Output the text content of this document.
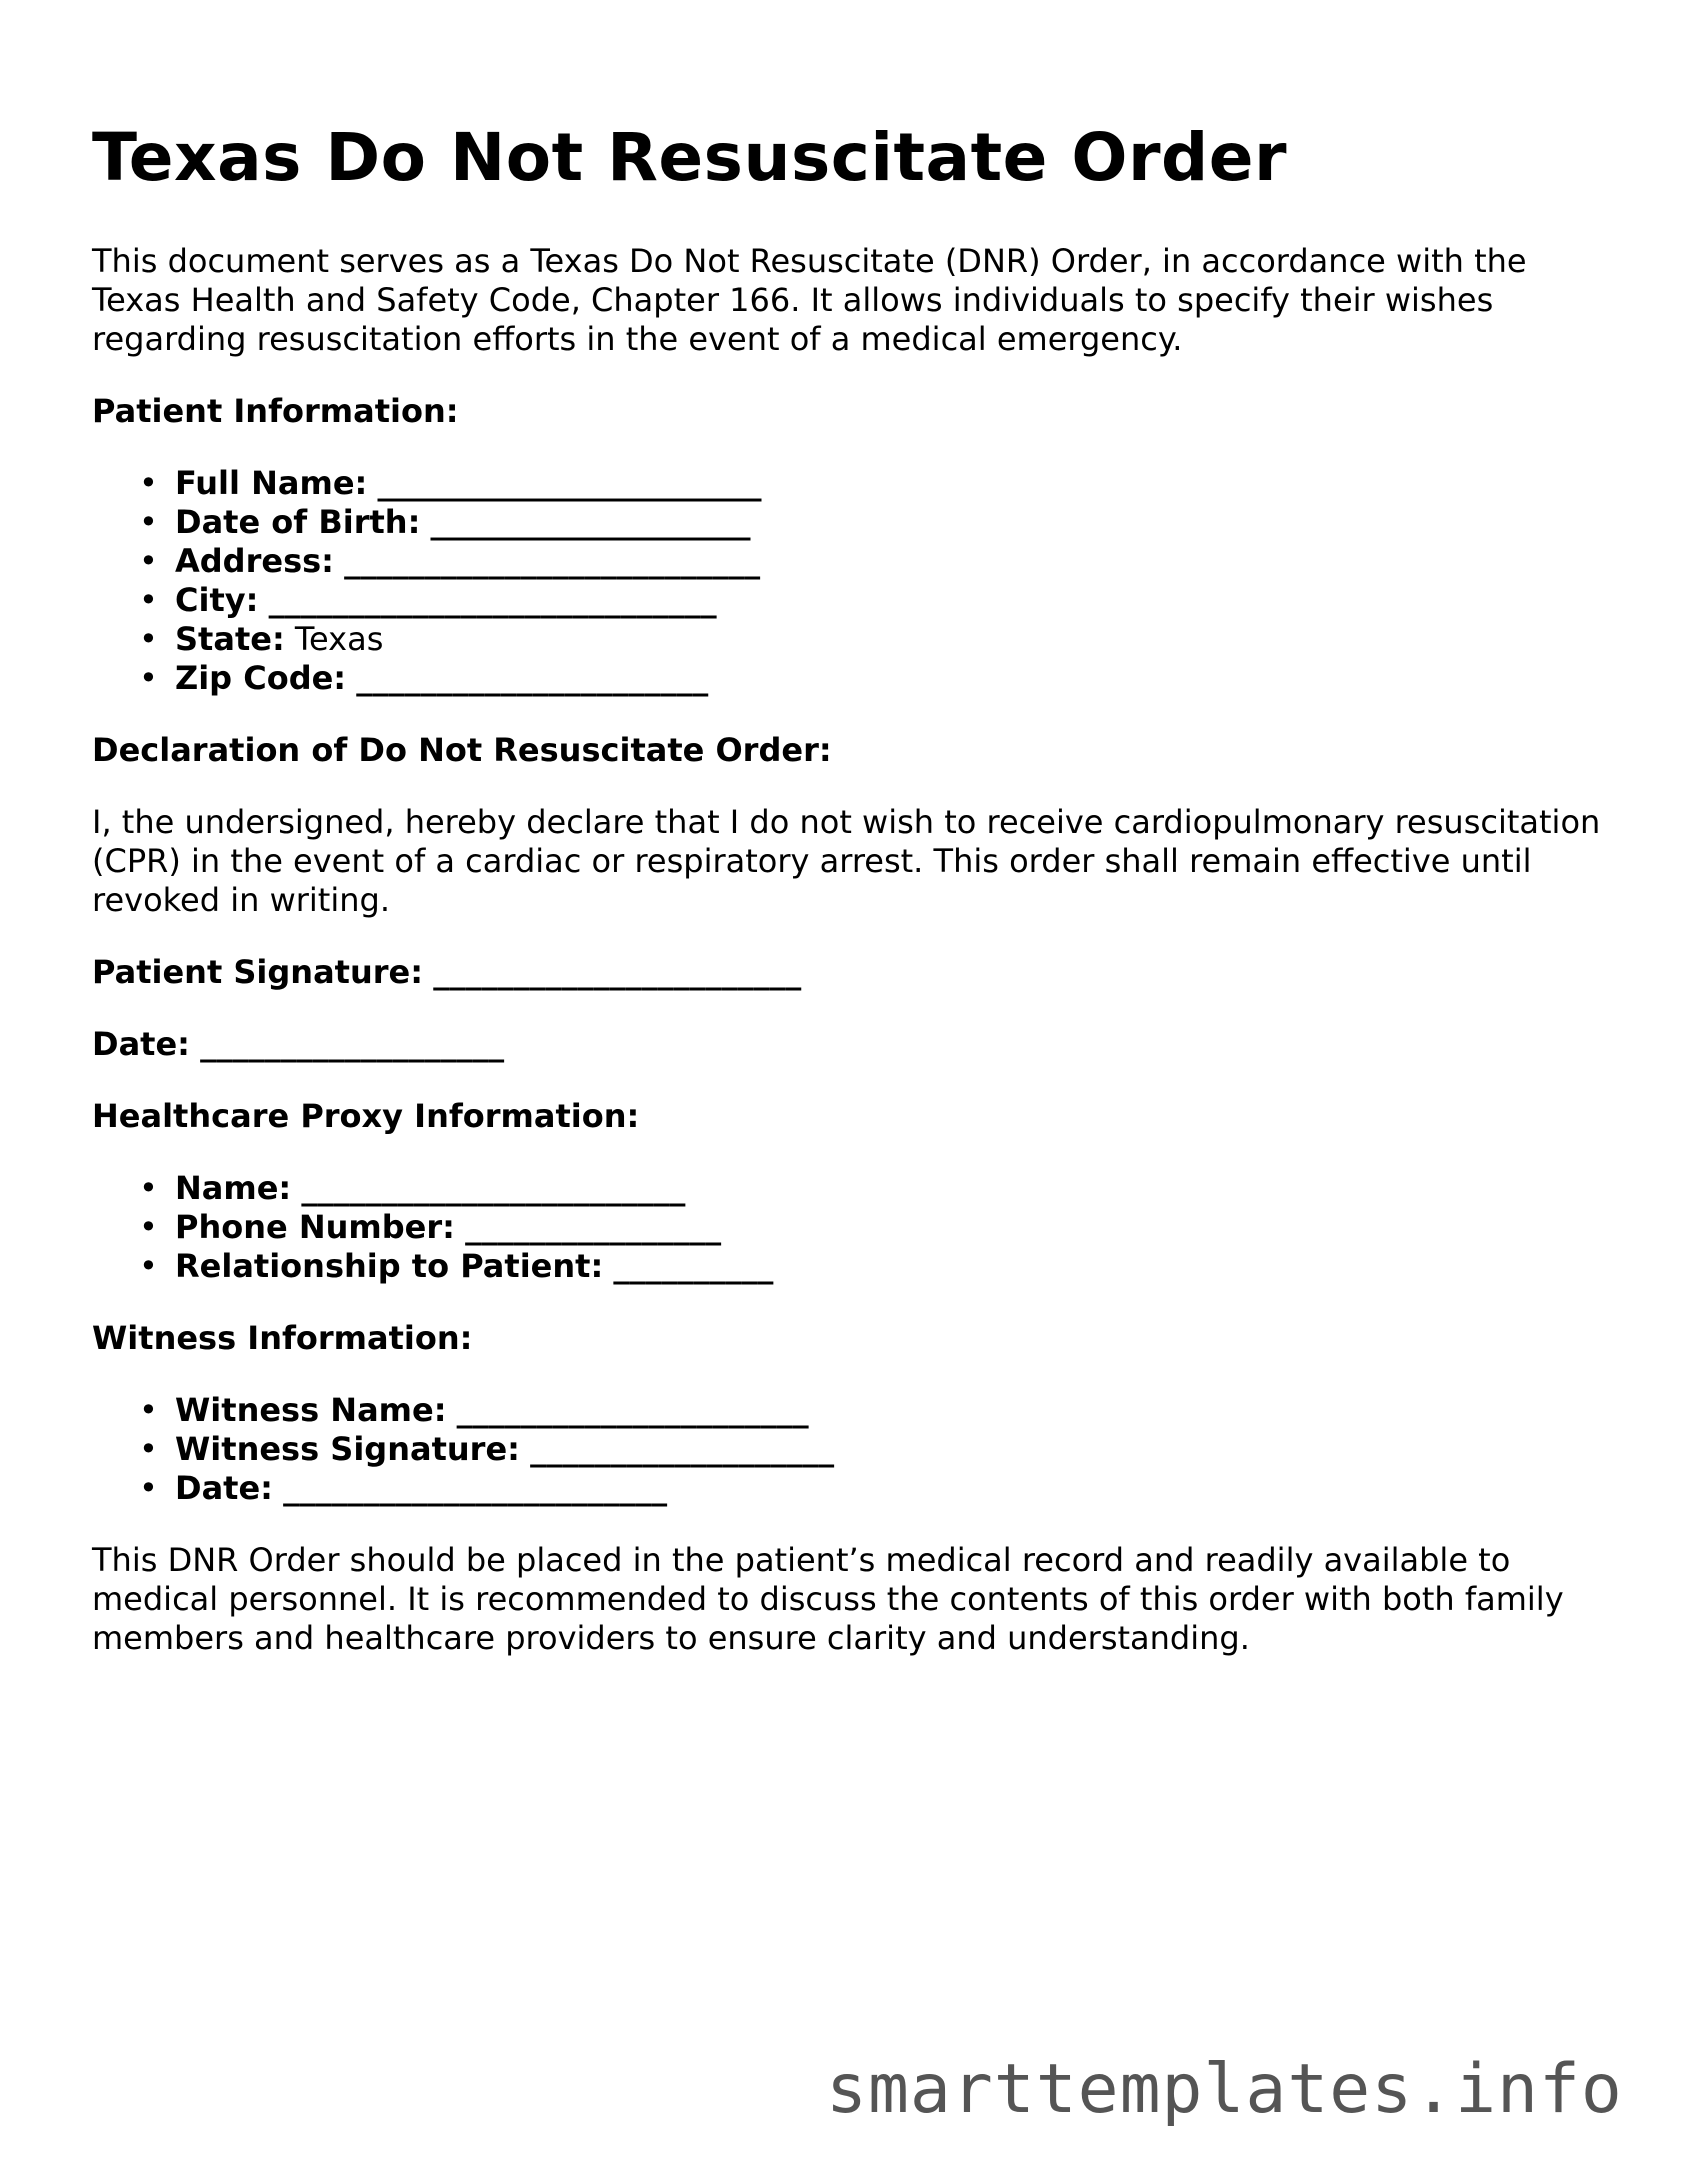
Texas Do Not Resuscitate Order

This document serves as a Texas Do Not Resuscitate (DNR) Order, in accordance with the Texas Health and Safety Code, Chapter 166. It allows individuals to specify their wishes regarding resuscitation efforts in the event of a medical emergency.

Patient Information:
• Full Name: ________________________
• Date of Birth: ____________________
• Address: __________________________
• City: ____________________________
• State: Texas
• Zip Code: ______________________
Declaration of Do Not Resuscitate Order:

I, the undersigned, hereby declare that I do not wish to receive cardiopulmonary resuscitation (CPR) in the event of a cardiac or respiratory arrest. This order shall remain effective until revoked in writing.

Patient Signature: _______________________
Date: ___________________
Healthcare Proxy Information:
• Name: ________________________
• Phone Number: ________________
• Relationship to Patient: __________
Witness Information:
• Witness Name: ______________________
• Witness Signature: ___________________
• Date: ________________________

This DNR Order should be placed in the patient’s medical record and readily available to medical personnel. It is recommended to discuss the contents of this order with both family members and healthcare providers to ensure clarity and understanding.

smarttemplates.info
